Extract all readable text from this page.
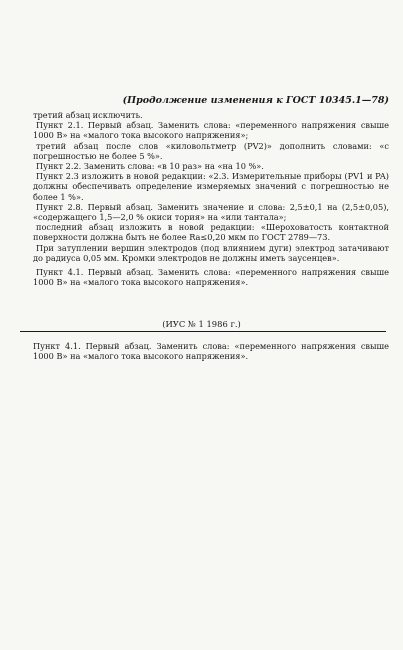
(Продолжение изменения к ГОСТ 10345.1—78)

третий абзац исключить.

Пункт 2.1. Первый абзац. Заменить слова: «переменного напряжения свыше 1000 В» на «малого тока высокого напряжения»;

третий абзац после слов «киловольтметр (PV2)» дополнить словами: «с погрешностью не более 5 %».

Пункт 2.2. Заменить слова: «в 10 раз» на «на 10 %».

Пункт 2.3 изложить в новой редакции: «2.3. Измерительные приборы (PV1 и PA) должны обеспечивать определение измеряемых значений с погрешностью не более 1 %».

Пункт 2.8. Первый абзац. Заменить значение и слова: 2,5±0,1 на (2,5±0,05), «содержащего 1,5—2,0 % окиси тория» на «или тантала»;

последний абзац изложить в новой редакции: «Шероховатость контактной поверхности должна быть не более Ra≤0,20 мкм по ГОСТ 2789—73.

При затуплении вершин электродов (под влиянием дуги) электрод затачивают до радиуса 0,05 мм. Кромки электродов не должны иметь заусенцев».

Пункт 4.1. Первый абзац. Заменить слова: «переменного напряжения свыше 1000 В» на «малого тока высокого напряжения».

(ИУС № 1 1986 г.)

Пункт 4.1. Первый абзац. Заменить слова: «переменного напряжения свыше 1000 В» на «малого тока высокого напряжения».
